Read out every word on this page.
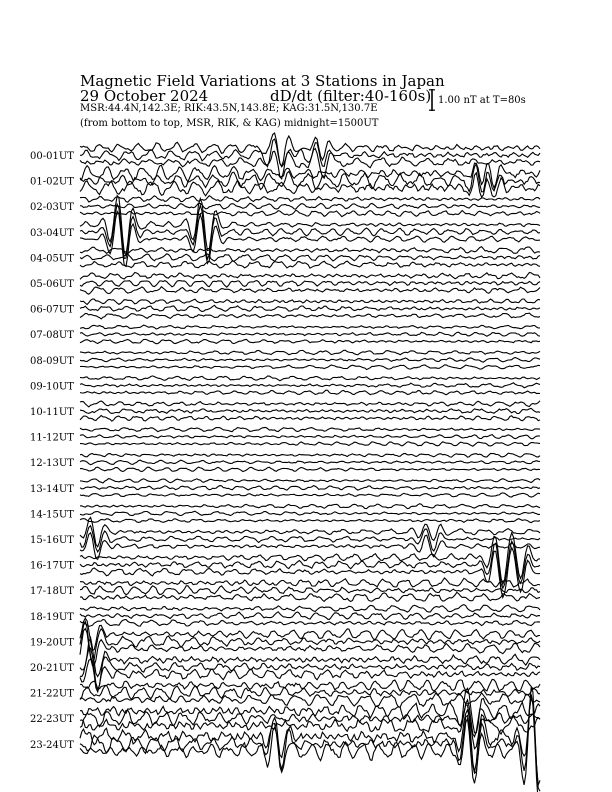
Magnetic Field Variations at 3 Stations in Japan
29 October 2024	dD/dt (filter:40-160s)
MSR:44.4N,142.3E; RIK:43.5N,143.8E; KAG:31.5N,130.7E
(from bottom to top, MSR, RIK, & KAG) midnight=1500UT
1.00 nT at T=80s
00-01UT
01-02UT
02-03UT
03-04UT
04-05UT
05-06UT
06-07UT
07-08UT
08-09UT
09-10UT
10-11UT
11-12UT
12-13UT
13-14UT
14-15UT
15-16UT
16-17UT
17-18UT
18-19UT
19-20UT
20-21UT
21-22UT
22-23UT
23-24UT
